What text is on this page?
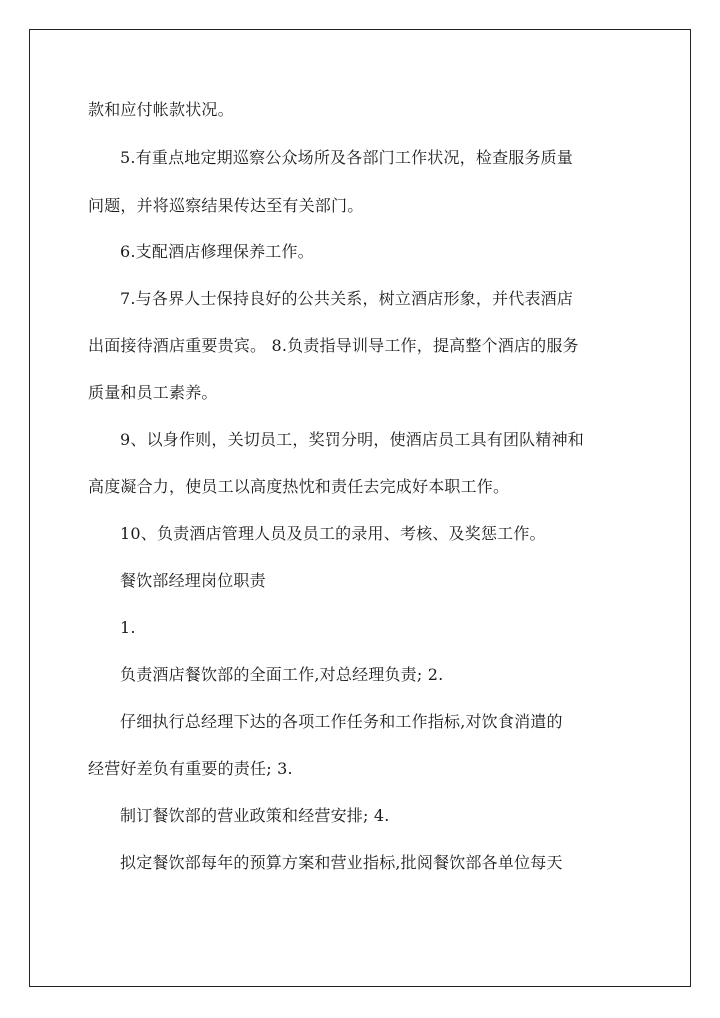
款和应付帐款状况。
5.有重点地定期巡察公众场所及各部门工作状况，检查服务质量
问题，并将巡察结果传达至有关部门。
6.支配酒店修理保养工作。
7.与各界人士保持良好的公共关系，树立酒店形象，并代表酒店
出面接待酒店重要贵宾。 8.负责指导训导工作，提高整个酒店的服务
质量和员工素养。
9、以身作则，关切员工，奖罚分明，使酒店员工具有团队精神和
高度凝合力，使员工以高度热忱和责任去完成好本职工作。
10、负责酒店管理人员及员工的录用、考核、及奖惩工作。
餐饮部经理岗位职责
1.
负责酒店餐饮部的全面工作,对总经理负责; 2.
仔细执行总经理下达的各项工作任务和工作指标,对饮食消遣的
经营好差负有重要的责任; 3.
制订餐饮部的营业政策和经营安排; 4.
拟定餐饮部每年的预算方案和营业指标,批阅餐饮部各单位每天
